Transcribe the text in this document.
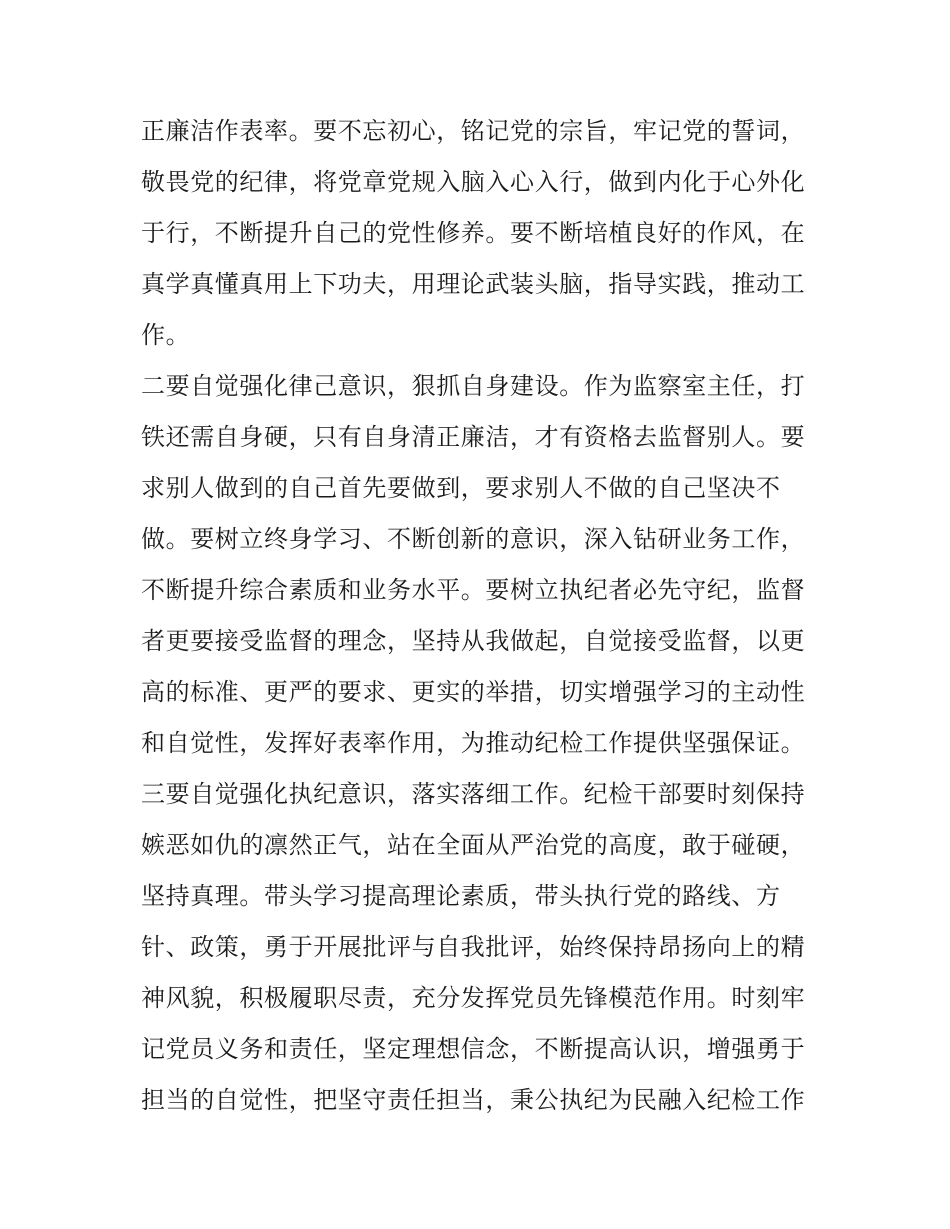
正廉洁作表率。要不忘初心，铭记党的宗旨，牢记党的誓词，
敬畏党的纪律，将党章党规入脑入心入行，做到内化于心外化
于行，不断提升自己的党性修养。要不断培植良好的作风，在
真学真懂真用上下功夫，用理论武装头脑，指导实践，推动工
作。
二要自觉强化律己意识，狠抓自身建设。作为监察室主任，打
铁还需自身硬，只有自身清正廉洁，才有资格去监督别人。要
求别人做到的自己首先要做到，要求别人不做的自己坚决不
做。要树立终身学习、不断创新的意识，深入钻研业务工作，
不断提升综合素质和业务水平。要树立执纪者必先守纪，监督
者更要接受监督的理念，坚持从我做起，自觉接受监督，以更
高的标准、更严的要求、更实的举措，切实增强学习的主动性
和自觉性，发挥好表率作用，为推动纪检工作提供坚强保证。
三要自觉强化执纪意识，落实落细工作。纪检干部要时刻保持
嫉恶如仇的凛然正气，站在全面从严治党的高度，敢于碰硬，
坚持真理。带头学习提高理论素质，带头执行党的路线、方
针、政策，勇于开展批评与自我批评，始终保持昂扬向上的精
神风貌，积极履职尽责，充分发挥党员先锋模范作用。时刻牢
记党员义务和责任，坚定理想信念，不断提高认识，增强勇于
担当的自觉性，把坚守责任担当，秉公执纪为民融入纪检工作
